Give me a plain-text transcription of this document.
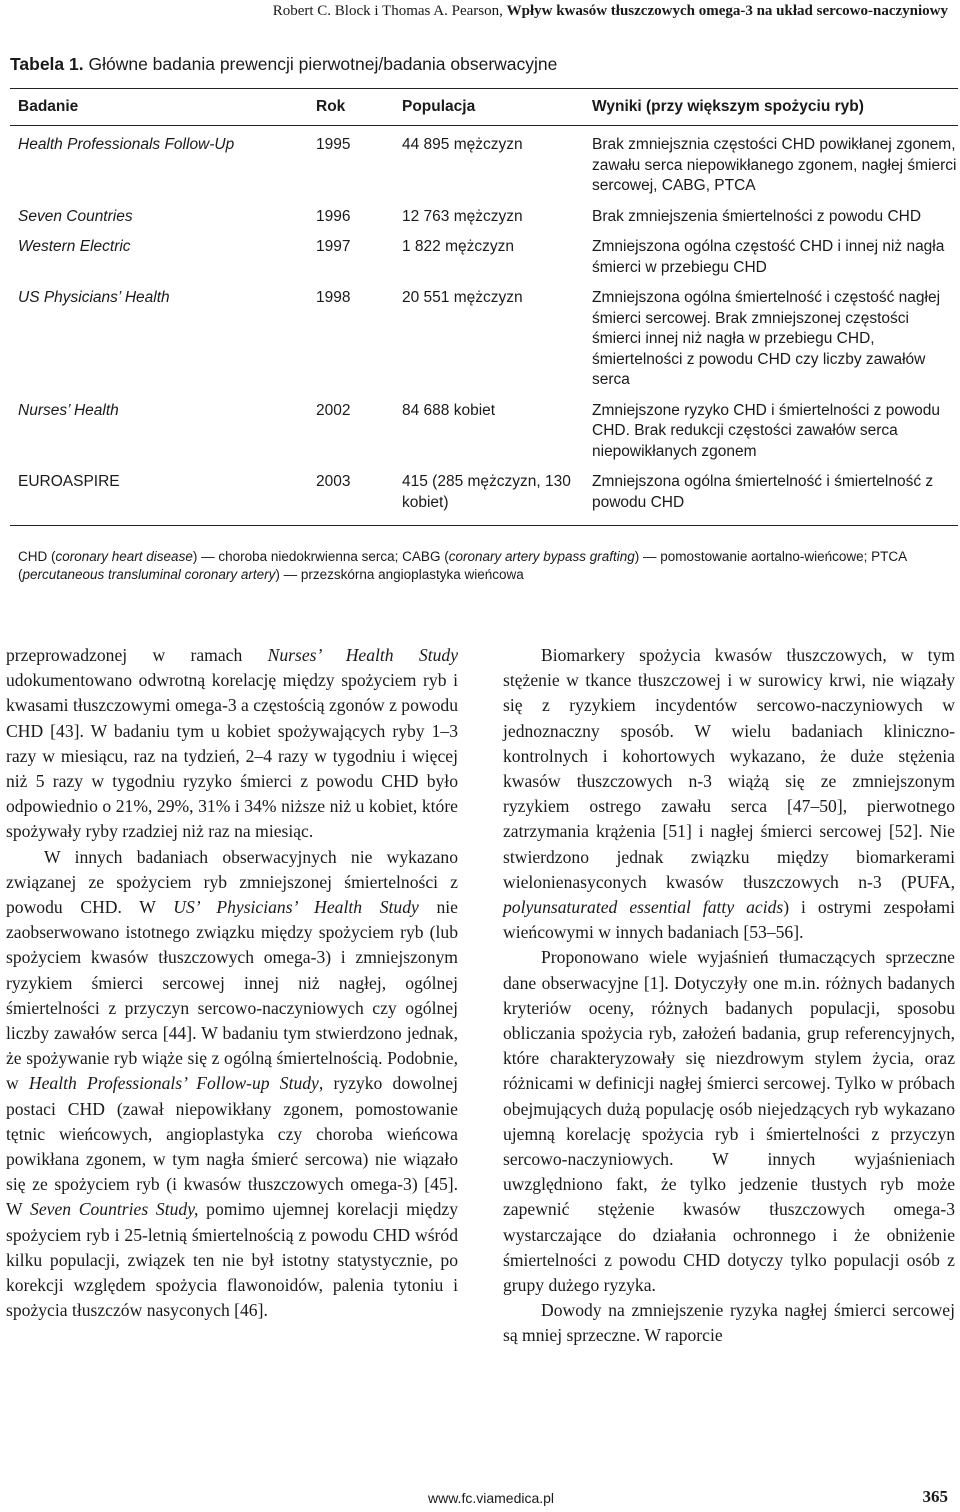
Robert C. Block i Thomas A. Pearson, Wpływ kwasów tłuszczowych omega-3 na układ sercowo-naczyniowy
Tabela 1. Główne badania prewencji pierwotnej/badania obserwacyjne
Badanie	Rok	Populacja	Wyniki (przy większym spożyciu ryb)
Health Professionals Follow-Up	1995	44 895 mężczyzn	Brak zmniejsznia częstości CHD powikłanej zgonem, zawału serca niepowikłanego zgonem, nagłej śmierci sercowej, CABG, PTCA
Seven Countries	1996	12 763 mężczyzn	Brak zmniejszenia śmiertelności z powodu CHD
Western Electric	1997	1 822 mężczyzn	Zmniejszona ogólna częstość CHD i innej niż nagła śmierci w przebiegu CHD
US Physicians’ Health	1998	20 551 mężczyzn	Zmniejszona ogólna śmiertelność i częstość nagłej śmierci sercowej. Brak zmniejszonej częstości śmierci innej niż nagła w przebiegu CHD, śmiertelności z powodu CHD czy liczby zawałów serca
Nurses’ Health	2002	84 688 kobiet	Zmniejszone ryzyko CHD i śmiertelności z powodu CHD. Brak redukcji częstości zawałów serca niepowikłanych zgonem
EUROASPIRE	2003	415 (285 mężczyzn, 130 kobiet)	Zmniejszona ogólna śmiertelność i śmiertelność z powodu CHD
CHD (coronary heart disease) — choroba niedokrwienna serca; CABG (coronary artery bypass grafting) — pomostowanie aortalno-wieńcowe; PTCA (percutaneous transluminal coronary artery) — przezskórna angioplastyka wieńcowa

przeprowadzonej w ramach Nurses’ Health Study udokumentowano odwrotną korelację między spożyciem ryb i kwasami tłuszczowymi omega-3 a częstością zgonów z powodu CHD [43]. W badaniu tym u kobiet spożywających ryby 1–3 razy w miesiącu, raz na tydzień, 2–4 razy w tygodniu i więcej niż 5 razy w tygodniu ryzyko śmierci z powodu CHD było odpowiednio o 21%, 29%, 31% i 34% niższe niż u kobiet, które spożywały ryby rzadziej niż raz na miesiąc.

W innych badaniach obserwacyjnych nie wykazano związanej ze spożyciem ryb zmniejszonej śmiertelności z powodu CHD. W US’ Physicians’ Health Study nie zaobserwowano istotnego związku między spożyciem ryb (lub spożyciem kwasów tłuszczowych omega-3) i zmniejszonym ryzykiem śmierci sercowej innej niż nagłej, ogólnej śmiertelności z przyczyn sercowo-naczyniowych czy ogólnej liczby zawałów serca [44]. W badaniu tym stwierdzono jednak, że spożywanie ryb wiąże się z ogólną śmiertelnością. Podobnie, w Health Professionals’ Follow-up Study, ryzyko dowolnej postaci CHD (zawał niepowikłany zgonem, pomostowanie tętnic wieńcowych, angioplastyka czy choroba wieńcowa powikłana zgonem, w tym nagła śmierć sercowa) nie wiązało się ze spożyciem ryb (i kwasów tłuszczowych omega-3) [45]. W Seven Countries Study, pomimo ujemnej korelacji między spożyciem ryb i 25-letnią śmiertelnością z powodu CHD wśród kilku populacji, związek ten nie był istotny statystycznie, po korekcji względem spożycia flawonoidów, palenia tytoniu i spożycia tłuszczów nasyconych [46].

Biomarkery spożycia kwasów tłuszczowych, w tym stężenie w tkance tłuszczowej i w surowicy krwi, nie wiązały się z ryzykiem incydentów sercowo-naczyniowych w jednoznaczny sposób. W wielu badaniach kliniczno-kontrolnych i kohortowych wykazano, że duże stężenia kwasów tłuszczowych n-3 wiążą się ze zmniejszonym ryzykiem ostrego zawału serca [47–50], pierwotnego zatrzymania krążenia [51] i nagłej śmierci sercowej [52]. Nie stwierdzono jednak związku między biomarkerami wielonienasyconych kwasów tłuszczowych n-3 (PUFA, polyunsaturated essential fatty acids) i ostrymi zespołami wieńcowymi w innych badaniach [53–56].

Proponowano wiele wyjaśnień tłumaczących sprzeczne dane obserwacyjne [1]. Dotyczyły one m.in. różnych badanych kryteriów oceny, różnych badanych populacji, sposobu obliczania spożycia ryb, założeń badania, grup referencyjnych, które charakteryzowały się niezdrowym stylem życia, oraz różnicami w definicji nagłej śmierci sercowej. Tylko w próbach obejmujących dużą populację osób niejedzących ryb wykazano ujemną korelację spożycia ryb i śmiertelności z przyczyn sercowo-naczyniowych. W innych wyjaśnieniach uwzględniono fakt, że tylko jedzenie tłustych ryb może zapewnić stężenie kwasów tłuszczowych omega-3 wystarczające do działania ochronnego i że obniżenie śmiertelności z powodu CHD dotyczy tylko populacji osób z grupy dużego ryzyka.

Dowody na zmniejszenie ryzyka nagłej śmierci sercowej są mniej sprzeczne. W raporcie

www.fc.viamedica.pl	365
